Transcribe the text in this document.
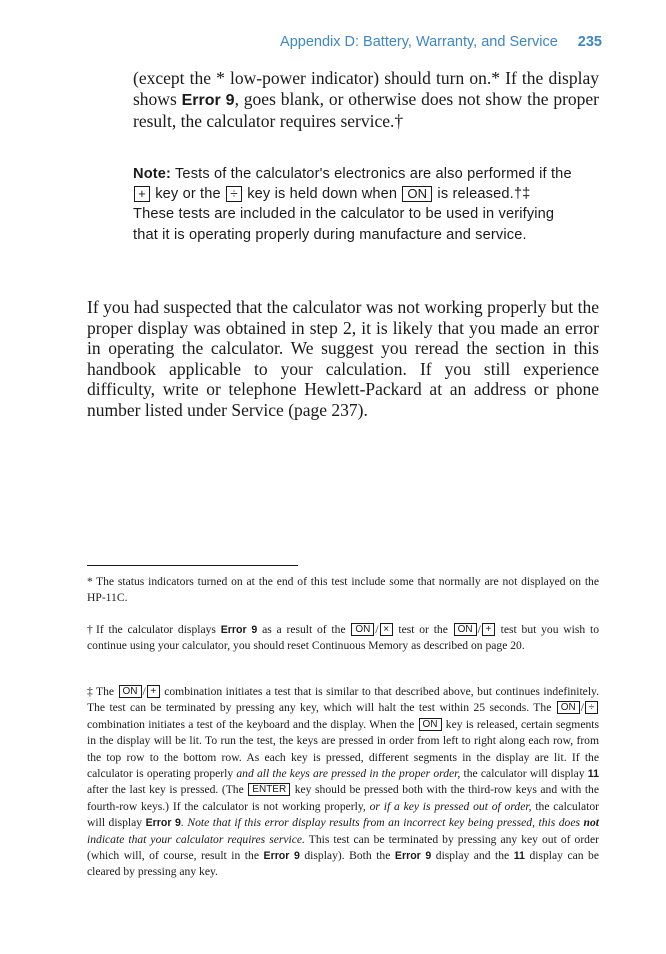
Appendix D: Battery, Warranty, and Service 235

(except the * low-power indicator) should turn on.* If the display shows Error 9, goes blank, or otherwise does not show the proper result, the calculator requires service.†

Note: Tests of the calculator's electronics are also performed if the + key or the ÷ key is held down when ON is released.†‡ These tests are included in the calculator to be used in verifying that it is operating properly during manufacture and service.

If you had suspected that the calculator was not working properly but the proper display was obtained in step 2, it is likely that you made an error in operating the calculator. We suggest you reread the section in this handbook applicable to your calculation. If you still experience difficulty, write or telephone Hewlett-Packard at an address or phone number listed under Service (page 237).

* The status indicators turned on at the end of this test include some that normally are not displayed on the HP-11C.

† If the calculator displays Error 9 as a result of the ON / × test or the ON / + test but you wish to continue using your calculator, you should reset Continuous Memory as described on page 20.

‡ The ON / + combination initiates a test that is similar to that described above, but continues indefinitely. The test can be terminated by pressing any key, which will halt the test within 25 seconds. The ON / ÷combination initiates a test of the keyboard and the display. When the ON key is released, certain segments in the display will be lit. To run the test, the keys are pressed in order from left to right along each row, from the top row to the bottom row. As each key is pressed, different segments in the display are lit. If the calculator is operating properly and all the keys are pressed in the proper order, the calculator will display 11 after the last key is pressed. (The ENTER key should be pressed both with the third-row keys and with the fourth-row keys.) If the calculator is not working properly, or if a key is pressed out of order, the calculator will display Error 9. Note that if this error display results from an incorrect key being pressed, this does not indicate that your calculator requires service. This test can be terminated by pressing any key out of order (which will, of course, result in the Error 9 display). Both the Error 9 display and the 11 display can be cleared by pressing any key.
